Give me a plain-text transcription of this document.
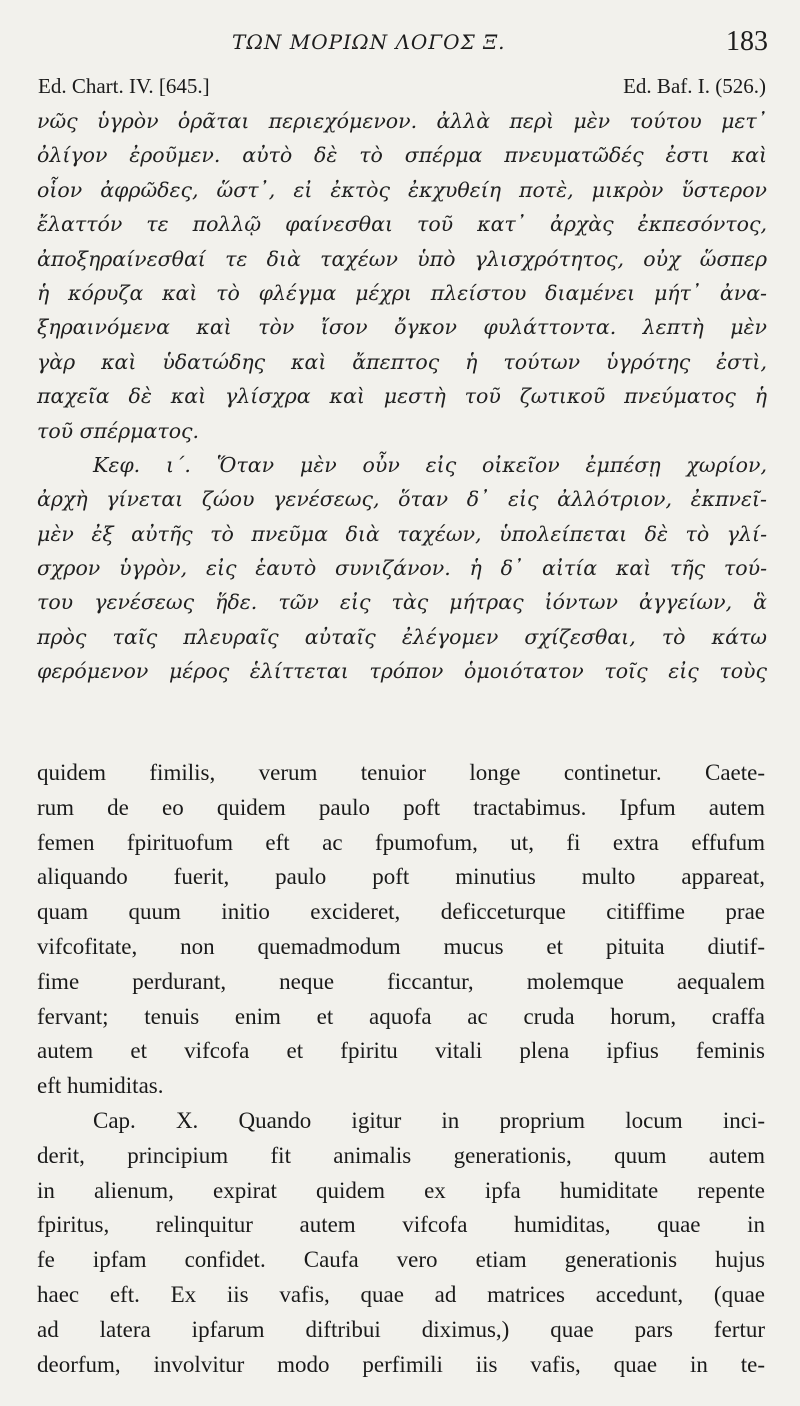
ΤΩΝ ΜΟΡΙΩΝ ΛΟΓΟΣ Ξ.	183
Ed. Chart. IV. [645.]	Ed. Baf. I. (526.)
νῶς ὑγρὸν ὁρᾶται περιεχόμενον. ἀλλὰ περὶ μὲν τούτου μετ᾽
ὀλίγον ἐροῦμεν. αὐτὸ δὲ τὸ σπέρμα πνευματῶδές ἐστι καὶ
οἷον ἀφρῶδες, ὥστ᾽, εἰ ἐκτὸς ἐκχυθείη ποτὲ, μικρὸν ὕστερον
ἔλαττόν τε πολλῷ φαίνεσθαι τοῦ κατ᾽ ἀρχὰς ἐκπεσόντος,
ἀποξηραίνεσθαί τε διὰ ταχέων ὑπὸ γλισχρότητος, οὐχ ὥσπερ
ἡ κόρυζα καὶ τὸ φλέγμα μέχρι πλείστου διαμένει μήτ᾽ ἀνα-
ξηραινόμενα καὶ τὸν ἴσον ὄγκον φυλάττοντα. λεπτὴ μὲν
γὰρ καὶ ὑδατώδης καὶ ἄπεπτος ἡ τούτων ὑγρότης ἐστὶ,
παχεῖα δὲ καὶ γλίσχρα καὶ μεστὴ τοῦ ζωτικοῦ πνεύματος ἡ
τοῦ σπέρματος.
Κεφ. ι΄. Ὅταν μὲν οὖν εἰς οἰκεῖον ἐμπέσῃ χωρίον,
ἀρχὴ γίνεται ζώου γενέσεως, ὅταν δ᾽ εἰς ἀλλότριον, ἐκπνεῖ-
μὲν ἐξ αὐτῆς τὸ πνεῦμα διὰ ταχέων, ὑπολείπεται δὲ τὸ γλί-
σχρον ὑγρὸν, εἰς ἑαυτὸ συνιζάνον. ἡ δ᾽ αἰτία καὶ τῆς τού-
του γενέσεως ἥδε. τῶν εἰς τὰς μήτρας ἰόντων ἀγγείων, ἃ
πρὸς ταῖς πλευραῖς αὐταῖς ἐλέγομεν σχίζεσθαι, τὸ κάτω
φερόμενον μέρος ἑλίττεται τρόπον ὁμοιότατον τοῖς εἰς τοὺς
quidem fimilis, verum tenuior longe continetur. Caete-
rum de eo quidem paulo poft tractabimus. Ipfum autem
femen fpirituofum eft ac fpumofum, ut, fi extra effufum
aliquando fuerit, paulo poft minutius multo appareat,
quam quum initio excideret, deficceturque citiffime prae
vifcofitate, non quemadmodum mucus et pituita diutif-
fime perdurant, neque ficcantur, molemque aequalem
fervant; tenuis enim et aquofa ac cruda horum, craffa
autem et vifcofa et fpiritu vitali plena ipfius feminis
eft humiditas.
Cap. X. Quando igitur in proprium locum inci-
derit, principium fit animalis generationis, quum autem
in alienum, expirat quidem ex ipfa humiditate repente
fpiritus, relinquitur autem vifcofa humiditas, quae in
fe ipfam confidet. Caufa vero etiam generationis hujus
haec eft. Ex iis vafis, quae ad matrices accedunt, (quae
ad latera ipfarum diftribui diximus,) quae pars fertur
deorfum, involvitur modo perfimili iis vafis, quae in te-
